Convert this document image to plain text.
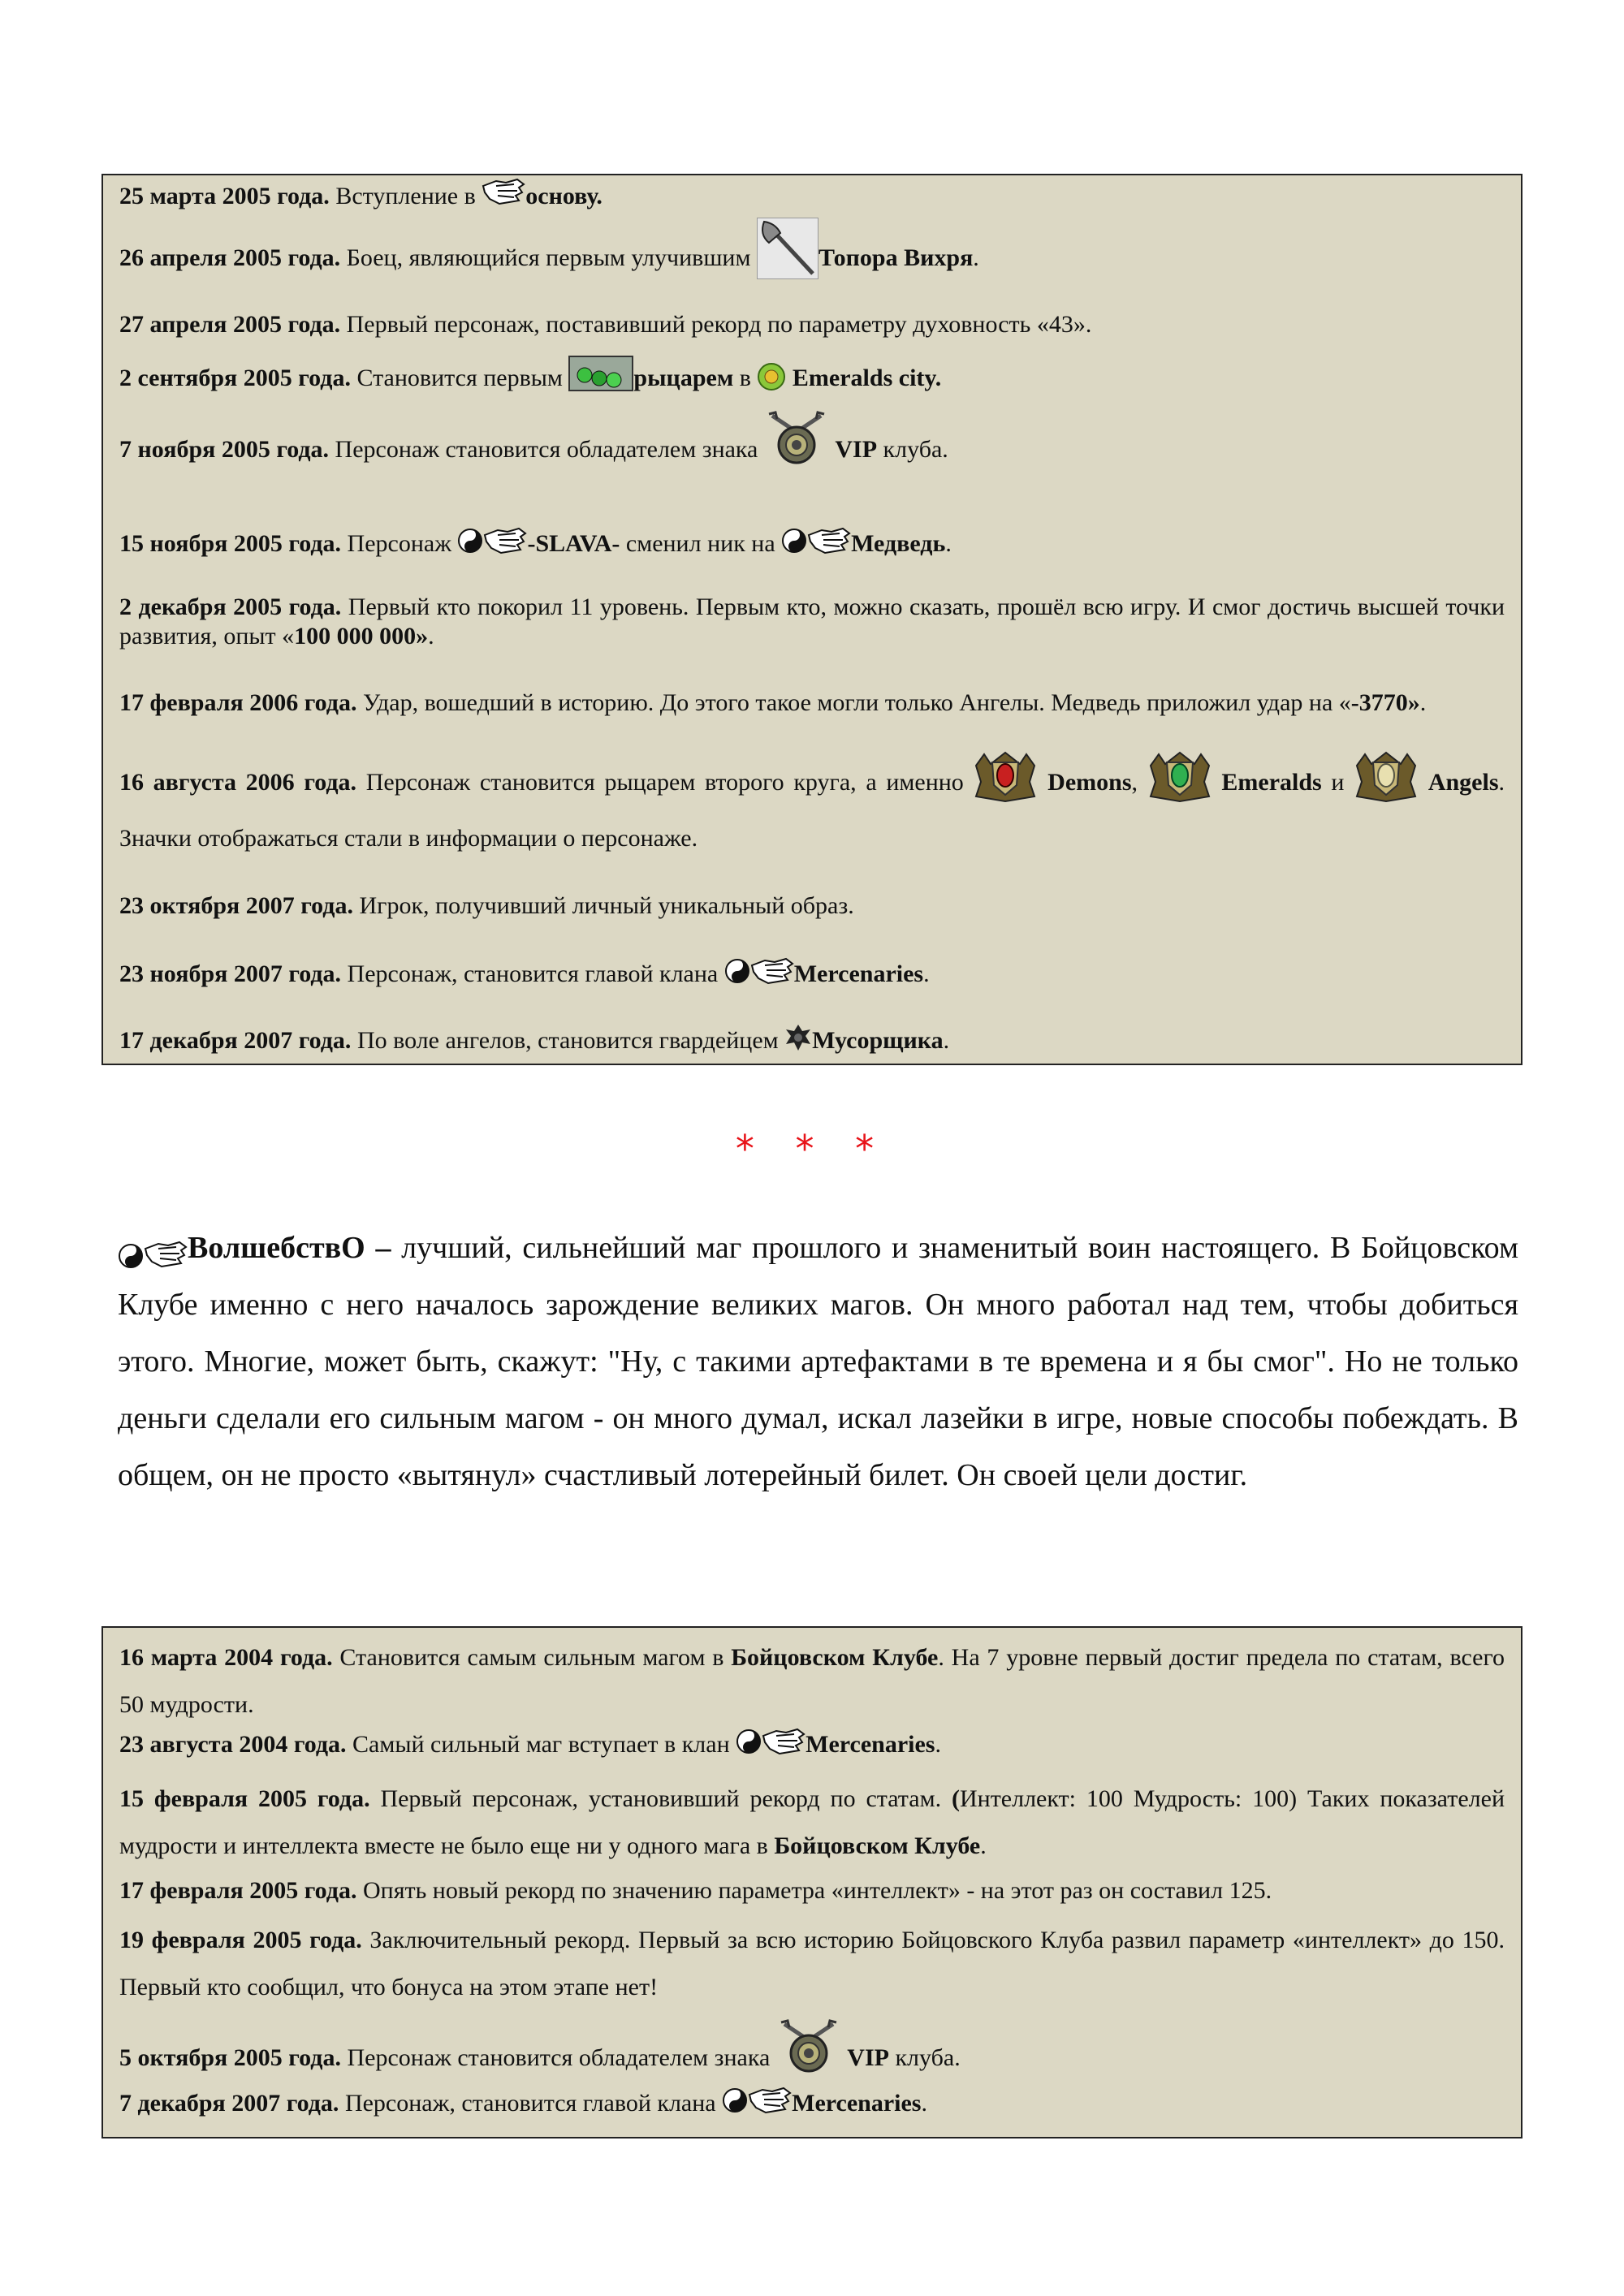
25 марта 2005 года. Вступление в основу.
26 апреля 2005 года. Боец, являющийся первым улучившим	Топора Вихря.
27 апреля 2005 года. Первый персонаж, поставивший рекорд по параметру духовность «43».
2 сентября 2005 года. Становится первым	рыцарем в  Emeralds city.
7 ноября 2005 года. Персонаж становится обладателем знака	VIP клуба.
15 ноября 2005 года. Персонаж	-SLAVA- сменил ник на	Медведь.
2 декабря 2005 года. Первый кто покорил 11 уровень. Первым кто, можно сказать, прошёл всю игру. И смог достичь высшей точки развития, опыт «100 000 000».
17 февраля 2006 года. Удар, вошедший в историю. До этого такое могли только Ангелы. Медведь приложил удар на «-3770».
16 августа 2006 года. Персонаж становится рыцарем второго круга, а именно	Demons,	Emeralds и	Angels. Значки отображаться стали в информации о персонаже.
23 октября 2007 года. Игрок, получивший личный уникальный образ.
23 ноября 2007 года. Персонаж, становится главой клана	Mercenaries.
17 декабря 2007 года. По воле ангелов, становится гвардейцем Мусорщика.
* * *
ВолшебствО – лучший, сильнейший маг прошлого и знаменитый воин настоящего. В Бойцовском Клубе именно с него началось зарождение великих магов. Он много работал над тем, чтобы добиться этого. Многие, может быть, скажут: "Ну, с такими артефактами в те времена и я бы смог". Но не только деньги сделали его сильным магом - он много думал, искал лазейки в игре, новые способы побеждать. В общем, он не просто «вытянул» счастливый лотерейный билет. Он своей цели достиг.
16 марта 2004 года. Становится самым сильным магом в Бойцовском Клубе. На 7 уровне первый достиг предела по статам, всего 50 мудрости.
23 августа 2004 года. Самый сильный маг вступает в клан	Mercenaries.
15 февраля 2005 года. Первый персонаж, установивший рекорд по статам. (Интеллект: 100 Мудрость: 100) Таких показателей мудрости и интеллекта вместе не было еще ни у одного мага в Бойцовском Клубе.
17 февраля 2005 года. Опять новый рекорд по значению параметра «интеллект» - на этот раз он составил 125.
19 февраля 2005 года. Заключительный рекорд. Первый за всю историю Бойцовского Клуба развил параметр «интеллект» до 150. Первый кто сообщил, что бонуса на этом этапе нет!
5 октября 2005 года. Персонаж становится обладателем знака	VIP клуба.
7 декабря 2007 года. Персонаж, становится главой клана	Mercenaries.
